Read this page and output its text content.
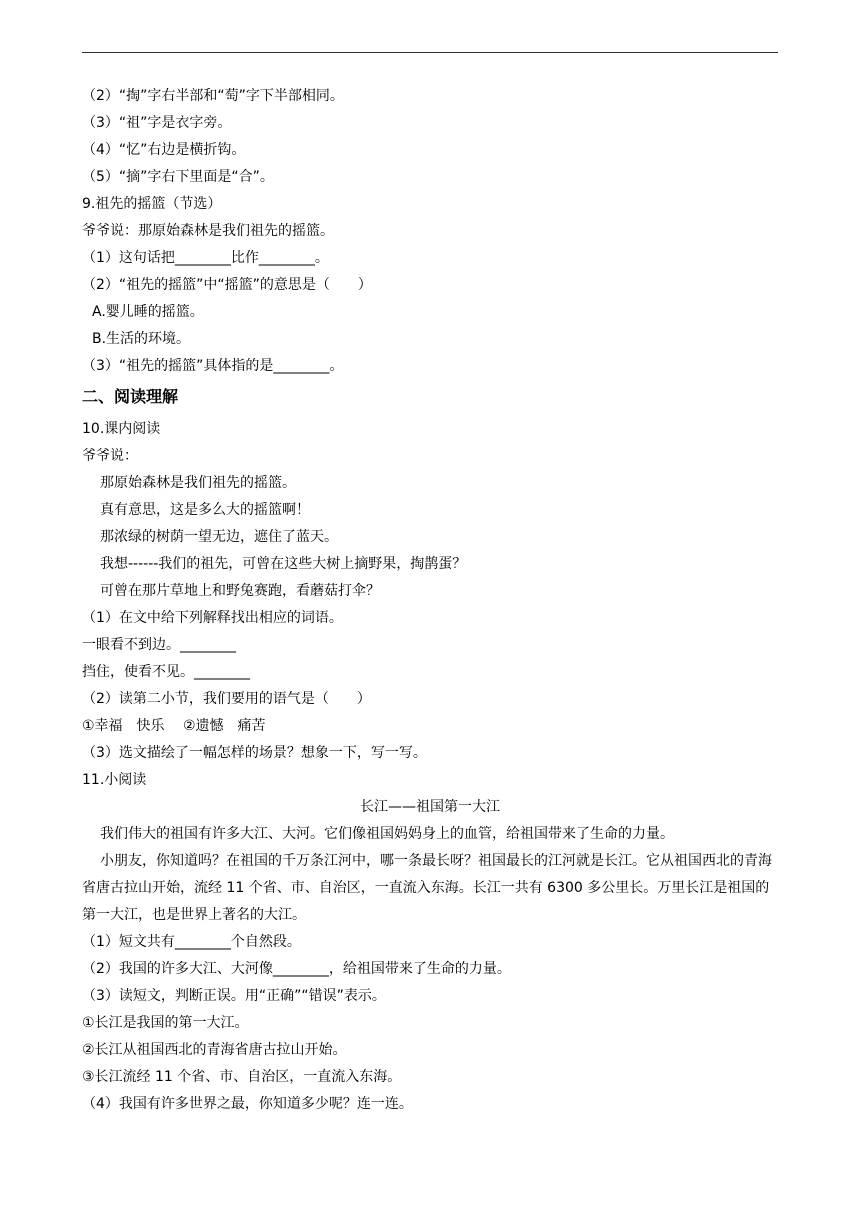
（2）“掏”字右半部和“萄”字下半部相同。

（3）“祖”字是衣字旁。

（4）“忆”右边是横折钩。

（5）“摘”字右下里面是“合”。

9.祖先的摇篮（节选）

爷爷说：那原始森林是我们祖先的摇篮。

（1）这句话把________比作________。

（2）“祖先的摇篮”中“摇篮”的意思是（　　）

A.婴儿睡的摇篮。

B.生活的环境。

（3）“祖先的摇篮”具体指的是________。

二、阅读理解

10.课内阅读

爷爷说：

那原始森林是我们祖先的摇篮。

真有意思，这是多么大的摇篮啊！

那浓绿的树荫一望无边，遮住了蓝天。

我想------我们的祖先，可曾在这些大树上摘野果，掏鹊蛋？

可曾在那片草地上和野兔赛跑，看蘑菇打伞？

（1）在文中给下列解释找出相应的词语。

一眼看不到边。________

挡住，使看不见。________

（2）读第二小节，我们要用的语气是（　　）

①幸福　快乐　 ②遗憾　痛苦

（3）选文描绘了一幅怎样的场景？想象一下，写一写。

11.小阅读

长江——祖国第一大江

我们伟大的祖国有许多大江、大河。它们像祖国妈妈身上的血管，给祖国带来了生命的力量。

小朋友，你知道吗？在祖国的千万条江河中，哪一条最长呀？祖国最长的江河就是长江。它从祖国西北的青海省唐古拉山开始，流经 11 个省、市、自治区，一直流入东海。长江一共有 6300 多公里长。万里长江是祖国的第一大江，也是世界上著名的大江。

（1）短文共有________个自然段。

（2）我国的许多大江、大河像________，给祖国带来了生命的力量。

（3）读短文，判断正误。用“正确”“错误”表示。

①长江是我国的第一大江。

②长江从祖国西北的青海省唐古拉山开始。

③长江流经 11 个省、市、自治区，一直流入东海。

（4）我国有许多世界之最，你知道多少呢？连一连。
